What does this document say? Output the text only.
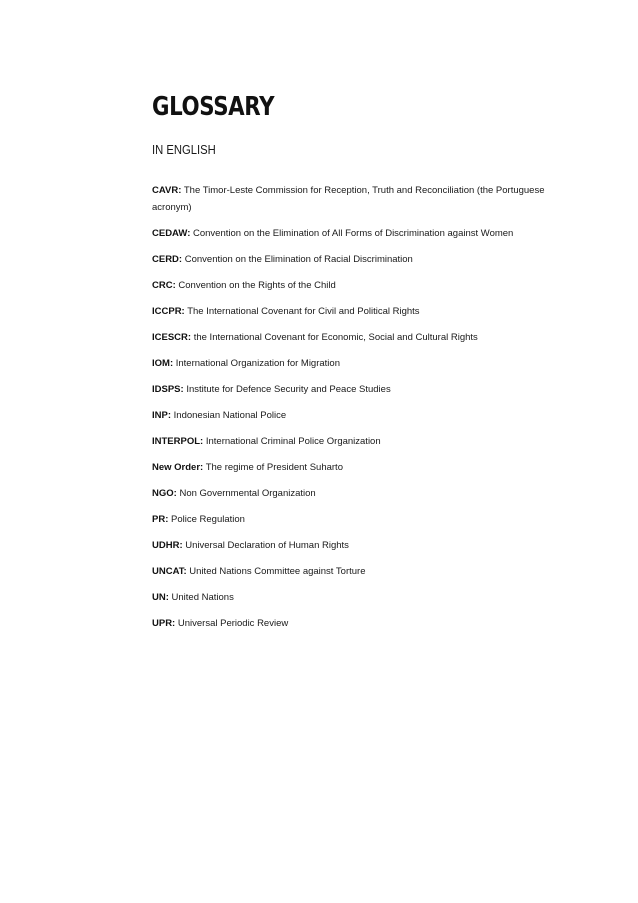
GLOSSARY
IN ENGLISH
CAVR: The Timor-Leste Commission for Reception, Truth and Reconciliation (the Portuguese acronym)
CEDAW: Convention on the Elimination of All Forms of Discrimination against Women
CERD: Convention on the Elimination of Racial Discrimination
CRC: Convention on the Rights of the Child
ICCPR: The International Covenant for Civil and Political Rights
ICESCR: the International Covenant for Economic, Social and Cultural Rights
IOM: International Organization for Migration
IDSPS: Institute for Defence Security and Peace Studies
INP: Indonesian National Police
INTERPOL: International Criminal Police Organization
New Order: The regime of President Suharto
NGO: Non Governmental Organization
PR: Police Regulation
UDHR: Universal Declaration of Human Rights
UNCAT: United Nations Committee against Torture
UN: United Nations
UPR: Universal Periodic Review
